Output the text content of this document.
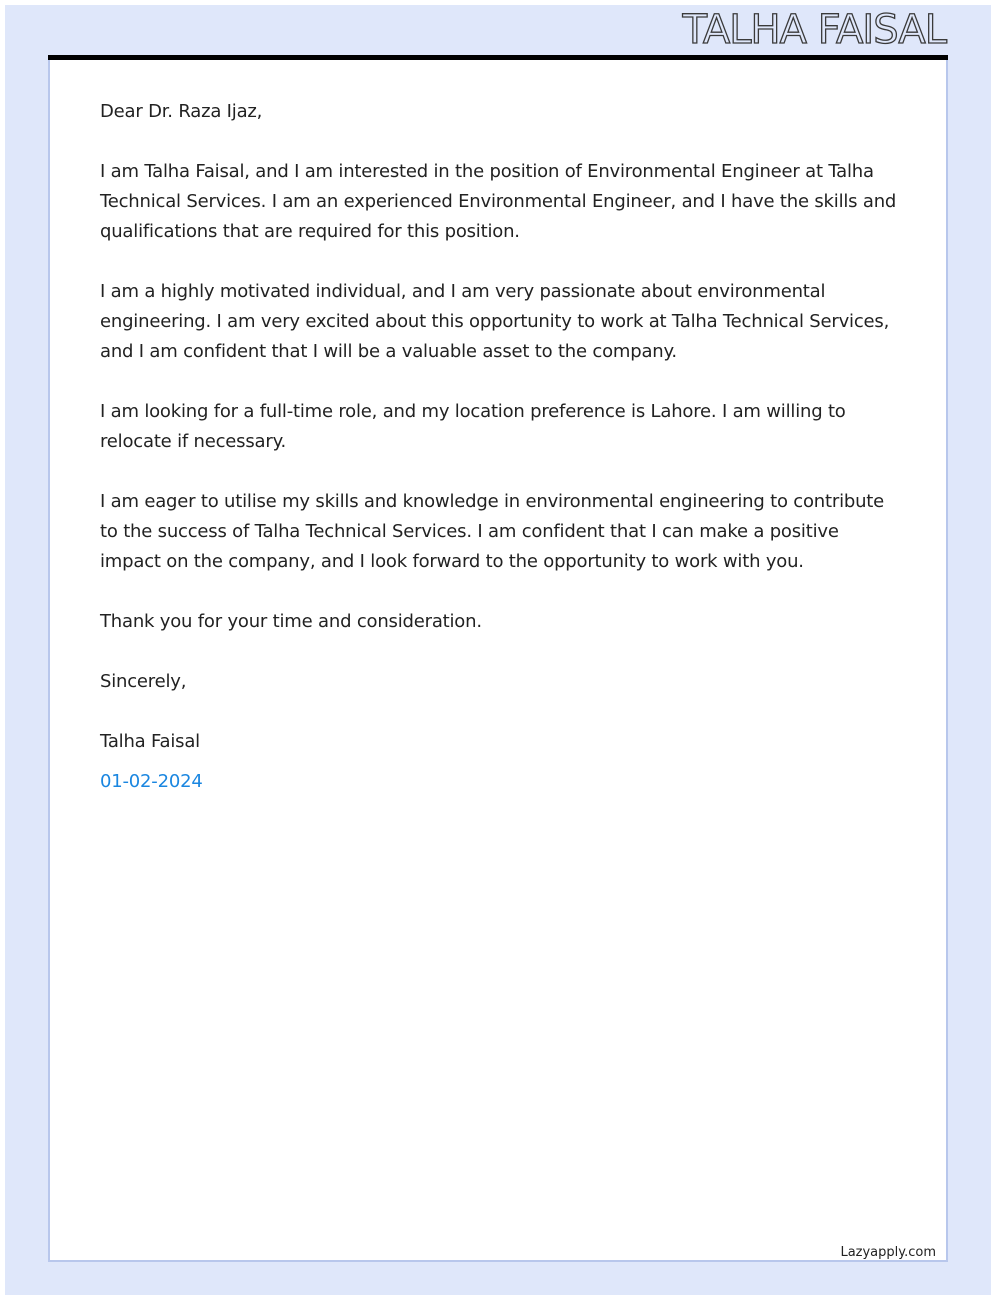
TALHA FAISAL

Dear Dr. Raza Ijaz,

I am Talha Faisal, and I am interested in the position of Environmental Engineer at Talha Technical Services. I am an experienced Environmental Engineer, and I have the skills and qualifications that are required for this position.

I am a highly motivated individual, and I am very passionate about environmental engineering. I am very excited about this opportunity to work at Talha Technical Services, and I am confident that I will be a valuable asset to the company.

I am looking for a full-time role, and my location preference is Lahore. I am willing to relocate if necessary.

I am eager to utilise my skills and knowledge in environmental engineering to contribute to the success of Talha Technical Services. I am confident that I can make a positive impact on the company, and I look forward to the opportunity to work with you.

Thank you for your time and consideration.

Sincerely,

Talha Faisal

01-02-2024

Lazyapply.com
